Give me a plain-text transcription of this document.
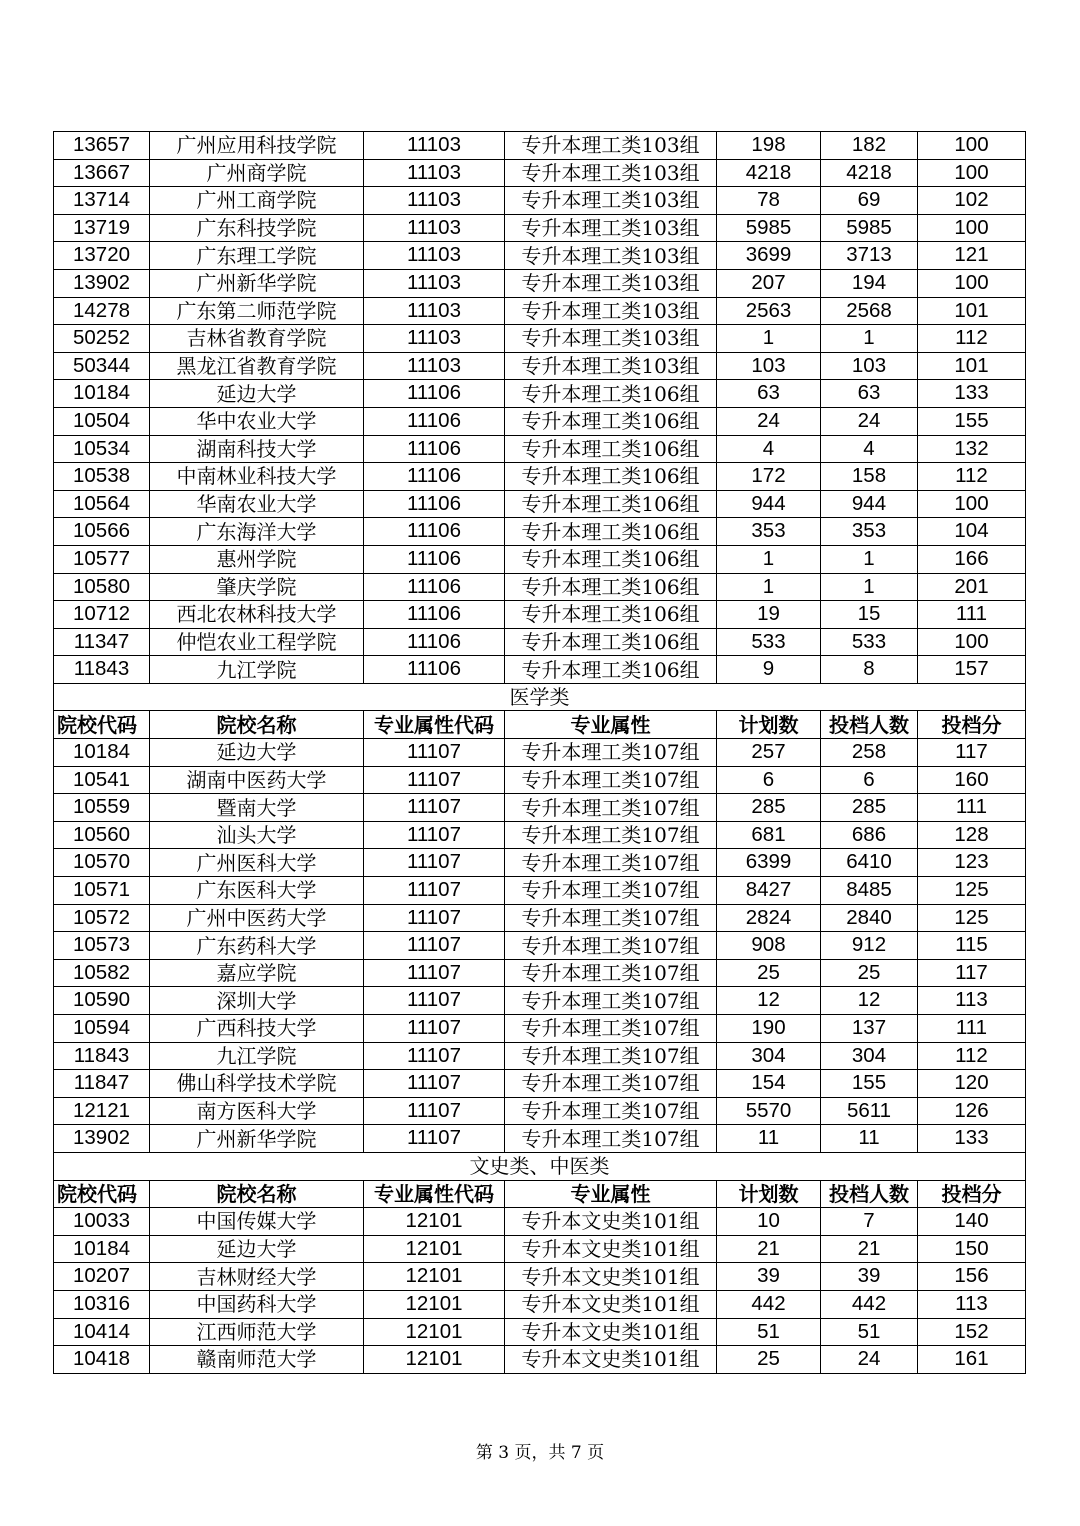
13657	广州应用科技学院	11103	专升本理工类103组	198	182	100
13667	广州商学院	11103	专升本理工类103组	4218	4218	100
13714	广州工商学院	11103	专升本理工类103组	78	69	102
13719	广东科技学院	11103	专升本理工类103组	5985	5985	100
13720	广东理工学院	11103	专升本理工类103组	3699	3713	121
13902	广州新华学院	11103	专升本理工类103组	207	194	100
14278	广东第二师范学院	11103	专升本理工类103组	2563	2568	101
50252	吉林省教育学院	11103	专升本理工类103组	1	1	112
50344	黑龙江省教育学院	11103	专升本理工类103组	103	103	101
10184	延边大学	11106	专升本理工类106组	63	63	133
10504	华中农业大学	11106	专升本理工类106组	24	24	155
10534	湖南科技大学	11106	专升本理工类106组	4	4	132
10538	中南林业科技大学	11106	专升本理工类106组	172	158	112
10564	华南农业大学	11106	专升本理工类106组	944	944	100
10566	广东海洋大学	11106	专升本理工类106组	353	353	104
10577	惠州学院	11106	专升本理工类106组	1	1	166
10580	肇庆学院	11106	专升本理工类106组	1	1	201
10712	西北农林科技大学	11106	专升本理工类106组	19	15	111
11347	仲恺农业工程学院	11106	专升本理工类106组	533	533	100
11843	九江学院	11106	专升本理工类106组	9	8	157
医学类						
院校代码	院校名称	专业属性代码	专业属性	计划数	投档人数	投档分
10184	延边大学	11107	专升本理工类107组	257	258	117
10541	湖南中医药大学	11107	专升本理工类107组	6	6	160
10559	暨南大学	11107	专升本理工类107组	285	285	111
10560	汕头大学	11107	专升本理工类107组	681	686	128
10570	广州医科大学	11107	专升本理工类107组	6399	6410	123
10571	广东医科大学	11107	专升本理工类107组	8427	8485	125
10572	广州中医药大学	11107	专升本理工类107组	2824	2840	125
10573	广东药科大学	11107	专升本理工类107组	908	912	115
10582	嘉应学院	11107	专升本理工类107组	25	25	117
10590	深圳大学	11107	专升本理工类107组	12	12	113
10594	广西科技大学	11107	专升本理工类107组	190	137	111
11843	九江学院	11107	专升本理工类107组	304	304	112
11847	佛山科学技术学院	11107	专升本理工类107组	154	155	120
12121	南方医科大学	11107	专升本理工类107组	5570	5611	126
13902	广州新华学院	11107	专升本理工类107组	11	11	133
文史类、中医类						
院校代码	院校名称	专业属性代码	专业属性	计划数	投档人数	投档分
10033	中国传媒大学	12101	专升本文史类101组	10	7	140
10184	延边大学	12101	专升本文史类101组	21	21	150
10207	吉林财经大学	12101	专升本文史类101组	39	39	156
10316	中国药科大学	12101	专升本文史类101组	442	442	113
10414	江西师范大学	12101	专升本文史类101组	51	51	152
10418	赣南师范大学	12101	专升本文史类101组	25	24	161
第 3 页，共 7 页
